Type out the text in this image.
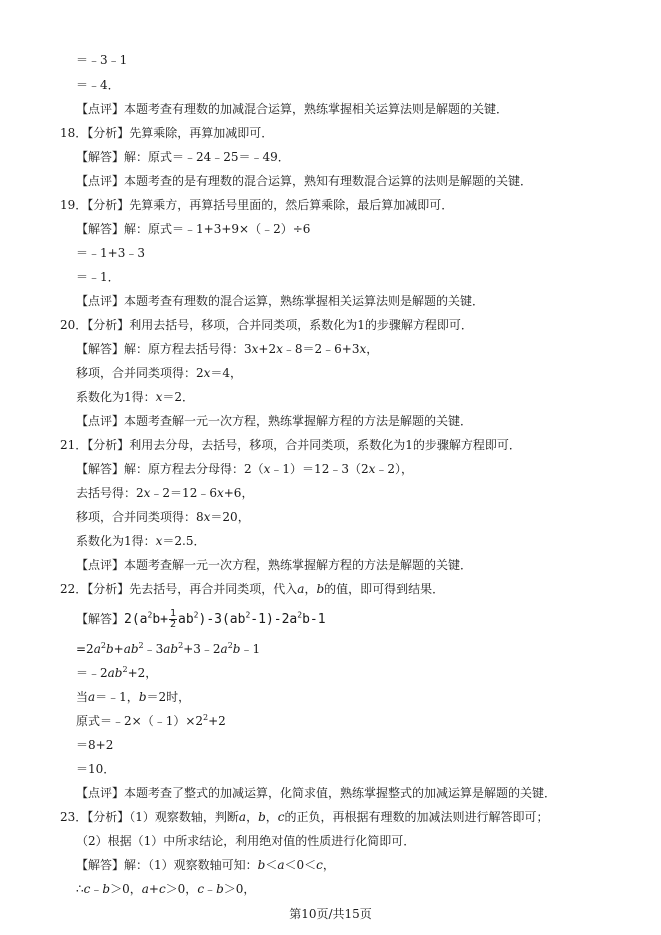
＝﹣3﹣1
＝﹣4．
【点评】本题考查有理数的加减混合运算，熟练掌握相关运算法则是解题的关键．
18．【分析】先算乘除，再算加减即可．
【解答】解：原式＝﹣24﹣25＝﹣49．
【点评】本题考查的是有理数的混合运算，熟知有理数混合运算的法则是解题的关键．
19．【分析】先算乘方，再算括号里面的，然后算乘除，最后算加减即可．
【解答】解：原式＝﹣1+3+9×（﹣2）÷6
＝﹣1+3﹣3
＝﹣1．
【点评】本题考查有理数的混合运算，熟练掌握相关运算法则是解题的关键．
20．【分析】利用去括号，移项，合并同类项，系数化为1的步骤解方程即可．
【解答】解：原方程去括号得：3x+2x﹣8＝2﹣6+3x，
移项，合并同类项得：2x＝4，
系数化为1得：x＝2．
【点评】本题考查解一元一次方程，熟练掌握解方程的方法是解题的关键．
21．【分析】利用去分母，去括号，移项，合并同类项，系数化为1的步骤解方程即可．
【解答】解：原方程去分母得：2（x﹣1）＝12﹣3（2x﹣2），
去括号得：2x﹣2＝12﹣6x+6，
移项，合并同类项得：8x＝20，
系数化为1得：x＝2.5．
【点评】本题考查解一元一次方程，熟练掌握解方程的方法是解题的关键．
22．【分析】先去括号，再合并同类项，代入a，b的值，即可得到结果．
【解答】$2(a^2b+ \frac{1}{2} ab^2)-3(ab^2-1)-2a^2b-1$
$=2a^2b+ab^2﹣3ab^2+3﹣2a^2b﹣1$
$=﹣2ab^2+2$，
当a＝﹣1，b＝2时，
原式$=﹣2\times(﹣1)\times 2^2+2$
＝8+2
＝10．
【点评】本题考查了整式的加减运算，化简求值，熟练掌握整式的加减运算是解题的关键．
23．【分析】（1）观察数轴，判断a，b，c的正负，再根据有理数的加减法则进行解答即可；
（2）根据（1）中所求结论，利用绝对值的性质进行化简即可．
【解答】解：（1）观察数轴可知：b＜a＜0＜c，
∴c﹣b＞0，a+c＞0，c﹣b＞0，
第10页/共15页
